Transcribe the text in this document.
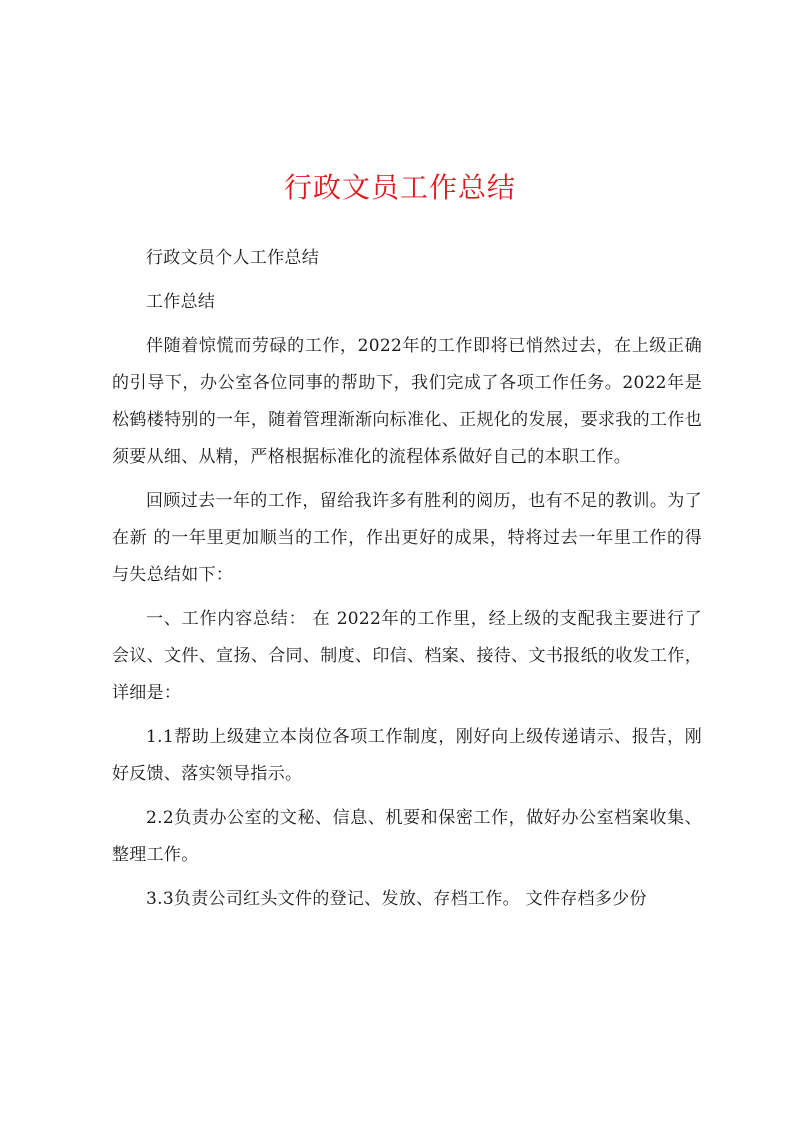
行政文员工作总结

行政文员个人工作总结

工作总结

伴随着惊慌而劳碌的工作，2022年的工作即将已悄然过去，在上级正确的引导下，办公室各位同事的帮助下，我们完成了各项工作任务。2022年是松鹤楼特别的一年，随着管理渐渐向标准化、正规化的发展，要求我的工作也须要从细、从精，严格根据标准化的流程体系做好自己的本职工作。

回顾过去一年的工作，留给我许多有胜利的阅历，也有不足的教训。为了在新 的一年里更加顺当的工作，作出更好的成果，特将过去一年里工作的得与失总结如下：

一、工作内容总结： 在 2022年的工作里，经上级的支配我主要进行了会议、文件、宣扬、合同、制度、印信、档案、接待、文书报纸的收发工作，详细是：

1.1帮助上级建立本岗位各项工作制度，刚好向上级传递请示、报告，刚好反馈、落实领导指示。

2.2负责办公室的文秘、信息、机要和保密工作，做好办公室档案收集、整理工作。

3.3负责公司红头文件的登记、发放、存档工作。 文件存档多少份
